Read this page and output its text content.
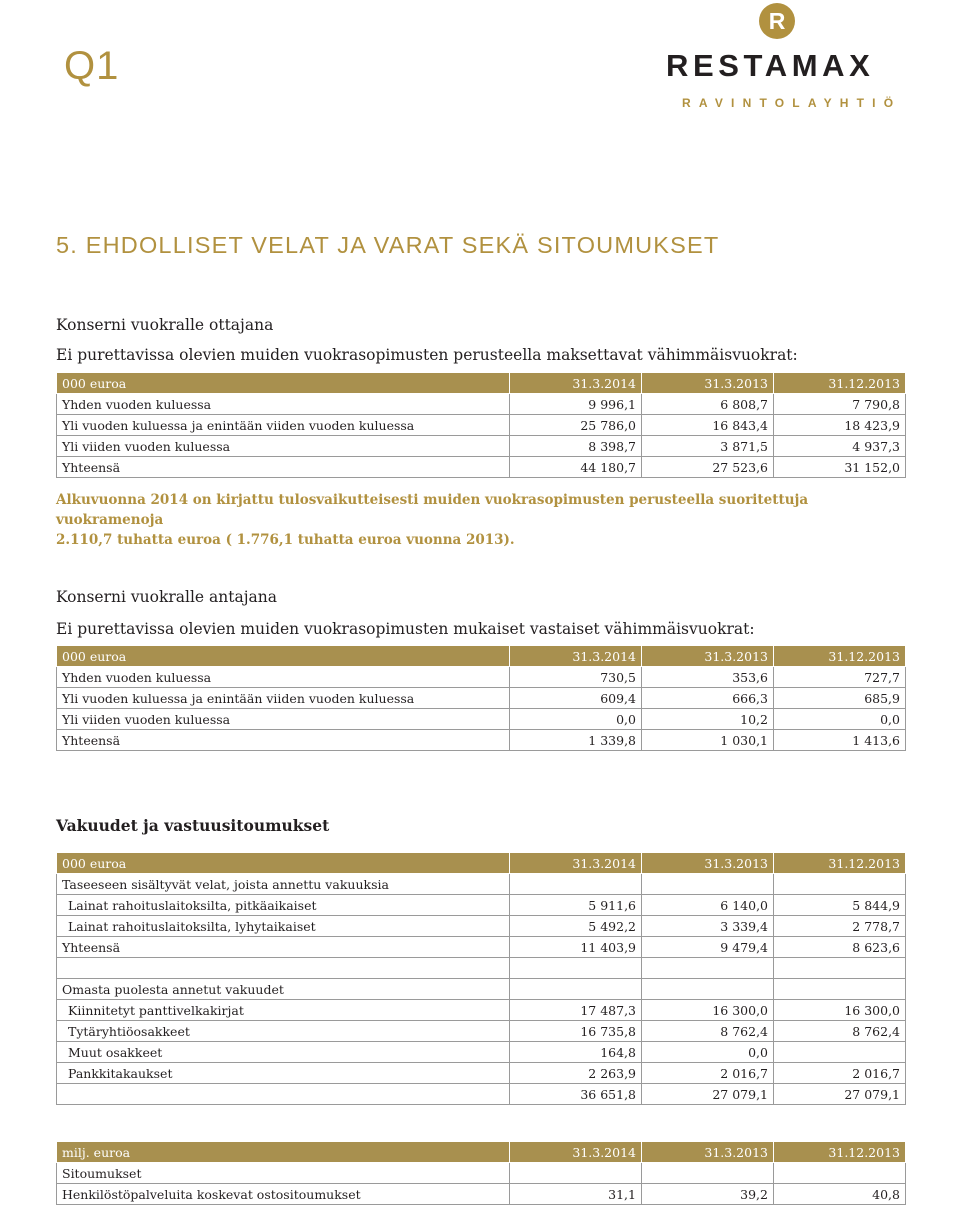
Q1
R
RESTAMAX
RAVINTOLAYHTIÖ
5. EHDOLLISET VELAT JA VARAT SEKÄ SITOUMUKSET
Konserni vuokralle ottajana
Ei purettavissa olevien muiden vuokrasopimusten perusteella maksettavat vähimmäisvuokrat:
000 euroa	31.3.2014	31.3.2013	31.12.2013
Yhden vuoden kuluessa	9 996,1	6 808,7	7 790,8
Yli vuoden kuluessa ja enintään viiden vuoden kuluessa	25 786,0	16 843,4	18 423,9
Yli viiden vuoden kuluessa	8 398,7	3 871,5	4 937,3
Yhteensä	44 180,7	27 523,6	31 152,0
Alkuvuonna 2014 on kirjattu tulosvaikutteisesti muiden vuokrasopimusten perusteella suoritettuja vuokramenoja
2.110,7 tuhatta euroa ( 1.776,1 tuhatta euroa vuonna 2013).
Konserni vuokralle antajana
Ei purettavissa olevien muiden vuokrasopimusten mukaiset vastaiset vähimmäisvuokrat:
000 euroa	31.3.2014	31.3.2013	31.12.2013
Yhden vuoden kuluessa	730,5	353,6	727,7
Yli vuoden kuluessa ja enintään viiden vuoden kuluessa	609,4	666,3	685,9
Yli viiden vuoden kuluessa	0,0	10,2	0,0
Yhteensä	1 339,8	1 030,1	1 413,6
Vakuudet ja vastuusitoumukset
000 euroa	31.3.2014	31.3.2013	31.12.2013
Taseeseen sisältyvät velat, joista annettu vakuuksia			
Lainat rahoituslaitoksilta, pitkäaikaiset	5 911,6	6 140,0	5 844,9
Lainat rahoituslaitoksilta, lyhytaikaiset	5 492,2	3 339,4	2 778,7
Yhteensä	11 403,9	9 479,4	8 623,6

Omasta puolesta annetut vakuudet			
Kiinnitetyt panttivelkakirjat	17 487,3	16 300,0	16 300,0
Tytäryhtiöosakkeet	16 735,8	8 762,4	8 762,4
Muut osakkeet	164,8	0,0	
Pankkitakaukset	2 263,9	2 016,7	2 016,7
	36 651,8	27 079,1	27 079,1
milj. euroa	31.3.2014	31.3.2013	31.12.2013
Sitoumukset			
Henkilöstöpalveluita koskevat ostositoumukset	31,1	39,2	40,8
